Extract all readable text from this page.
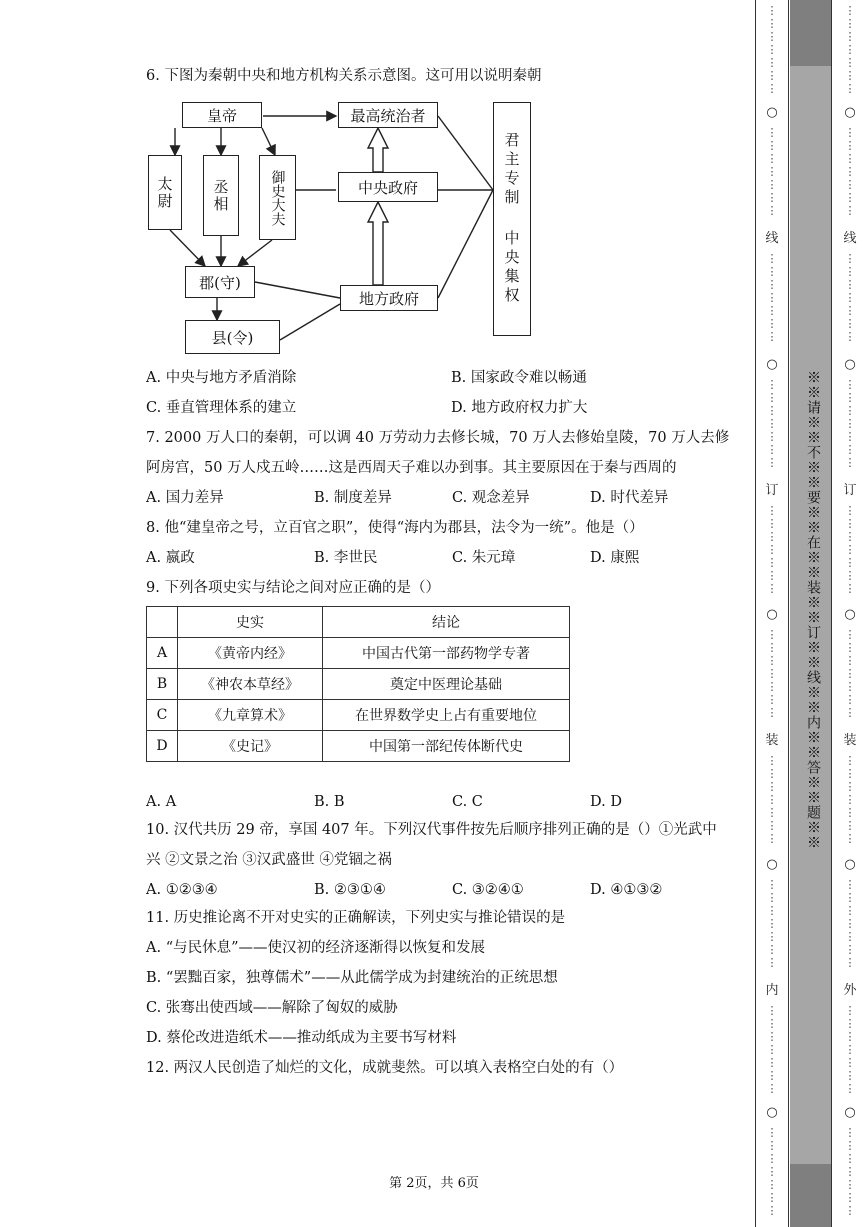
6. 下图为秦朝中央和地方机构关系示意图。这可用以说明秦朝
皇帝
太尉	丞相	御史大夫
郡(守)
县(令)
最高统治者
中央政府
地方政府	君主专制 中央集权
A. 中央与地方矛盾消除	B. 国家政令难以畅通
C. 垂直管理体系的建立	D. 地方政府权力扩大
7. 2000 万人口的秦朝，可以调 40 万劳动力去修长城，70 万人去修始皇陵，70 万人去修
阿房宫，50 万人戍五岭……这是西周天子难以办到事。其主要原因在于秦与西周的
A. 国力差异	B. 制度差异	C. 观念差异	D. 时代差异
8. 他“建皇帝之号，立百官之职”，使得“海内为郡县，法令为一统”。他是（）
A. 嬴政	B. 李世民	C. 朱元璋	D. 康熙
9. 下列各项史实与结论之间对应正确的是（）
	史实	结论
A	《黄帝内经》	中国古代第一部药物学专著
B	《神农本草经》	奠定中医理论基础
C	《九章算术》	在世界数学史上占有重要地位
D	《史记》	中国第一部纪传体断代史
A. A	B. B	C. C	D. D
10. 汉代共历 29 帝，享国 407 年。下列汉代事件按先后顺序排列正确的是（）①光武中
兴 ②文景之治 ③汉武盛世 ④党锢之祸
A. ①②③④	B. ②③①④	C. ③②④①	D. ④①③②
11. 历史推论离不开对史实的正确解读，下列史实与推论错误的是
A. “与民休息”——使汉初的经济逐渐得以恢复和发展
B. “罢黜百家，独尊儒术”——从此儒学成为封建统治的正统思想
C. 张骞出使西域——解除了匈奴的威胁
D. 蔡伦改进造纸术——推动纸成为主要书写材料
12. 两汉人民创造了灿烂的文化，成就斐然。可以填入表格空白处的有（）
第 2页，共 6页
※※请※※不※※要※※在※※装※※订※※线※※内※※答※※题※※
○
线
○
订
○
装
○
内
○
○
线
○
订
○
装
○
外
○
⋮
⋮
⋮
⋮
⋮
⋮
⋮
⋮
⋮
⋮
⋮
⋮
⋮
⋮
⋮
⋮
⋮
⋮
⋮
⋮
⋮
⋮
⋮
⋮
⋮
⋮
⋮
⋮
⋮
⋮
⋮
⋮
⋮
⋮
⋮
⋮
⋮
⋮
⋮
⋮
⋮
⋮
⋮
⋮
⋮
⋮
⋮
⋮
⋮
⋮
⋮
⋮
⋮
⋮
⋮
⋮
⋮
⋮
⋮
⋮
⋮
⋮
⋮
⋮
⋮
⋮
⋮
⋮
⋮
⋮
⋮
⋮
⋮
⋮
⋮
⋮
⋮
⋮
⋮
⋮
⋮
⋮
⋮
⋮
⋮
⋮
⋮
⋮
⋮
⋮
⋮
⋮
⋮
⋮
⋮
⋮
⋮
⋮
⋮
⋮
⋮
⋮
⋮
⋮
⋮
⋮
⋮
⋮
⋮
⋮
⋮
⋮
⋮
⋮
⋮
⋮
⋮
⋮
⋮
⋮
⋮
⋮
⋮
⋮
⋮
⋮
⋮
⋮
⋮
⋮
⋮
⋮
⋮
⋮
⋮
⋮
⋮
⋮
⋮
⋮
